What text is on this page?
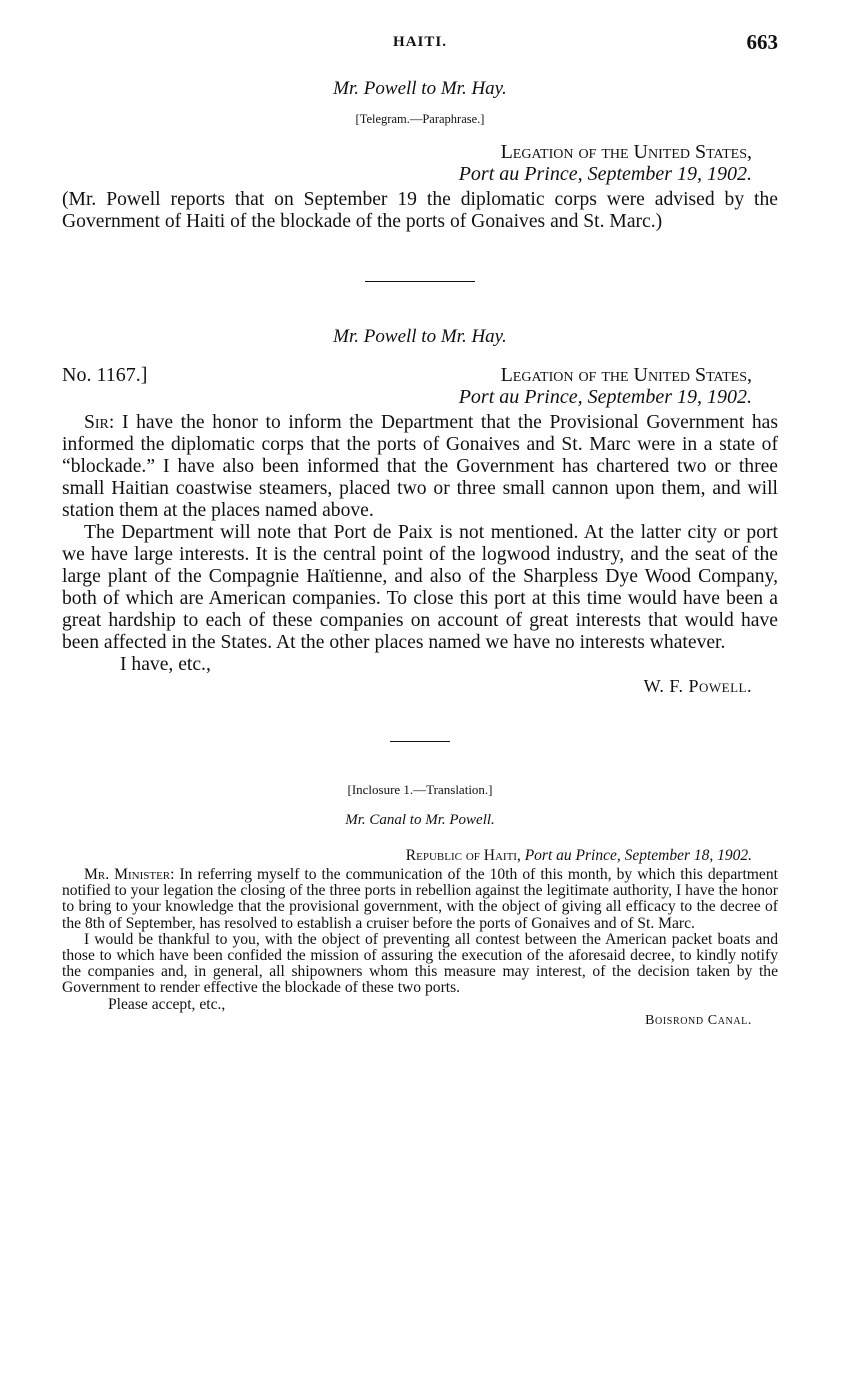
HAITI.	663
Mr. Powell to Mr. Hay.
[Telegram.—Paraphrase.]
Legation of the United States,
Port au Prince, September 19, 1902.

(Mr. Powell reports that on September 19 the diplomatic corps were advised by the Government of Haiti of the blockade of the ports of Gonaives and St. Marc.)

Mr. Powell to Mr. Hay.
No. 1167.]	Legation of the United States,
Port au Prince, September 19, 1902.

Sir: I have the honor to inform the Department that the Provisional Government has informed the diplomatic corps that the ports of Gonaives and St. Marc were in a state of “blockade.” I have also been informed that the Government has chartered two or three small Haitian coastwise steamers, placed two or three small cannon upon them, and will station them at the places named above.

The Department will note that Port de Paix is not mentioned. At the latter city or port we have large interests. It is the central point of the logwood industry, and the seat of the large plant of the Compagnie Haïtienne, and also of the Sharpless Dye Wood Company, both of which are American companies. To close this port at this time would have been a great hardship to each of these companies on account of great interests that would have been affected in the States. At the other places named we have no interests whatever.

I have, etc.,
W. F. Powell.
[Inclosure 1.—Translation.]
Mr. Canal to Mr. Powell.
Republic of Haiti, Port au Prince, September 18, 1902.

Mr. Minister: In referring myself to the communication of the 10th of this month, by which this department notified to your legation the closing of the three ports in rebellion against the legitimate authority, I have the honor to bring to your knowledge that the provisional government, with the object of giving all efficacy to the decree of the 8th of September, has resolved to establish a cruiser before the ports of Gonaives and of St. Marc.

I would be thankful to you, with the object of preventing all contest between the American packet boats and those to which have been confided the mission of assuring the execution of the aforesaid decree, to kindly notify the companies and, in general, all shipowners whom this measure may interest, of the decision taken by the Government to render effective the blockade of these two ports.

Please accept, etc.,
Boisrond Canal.
